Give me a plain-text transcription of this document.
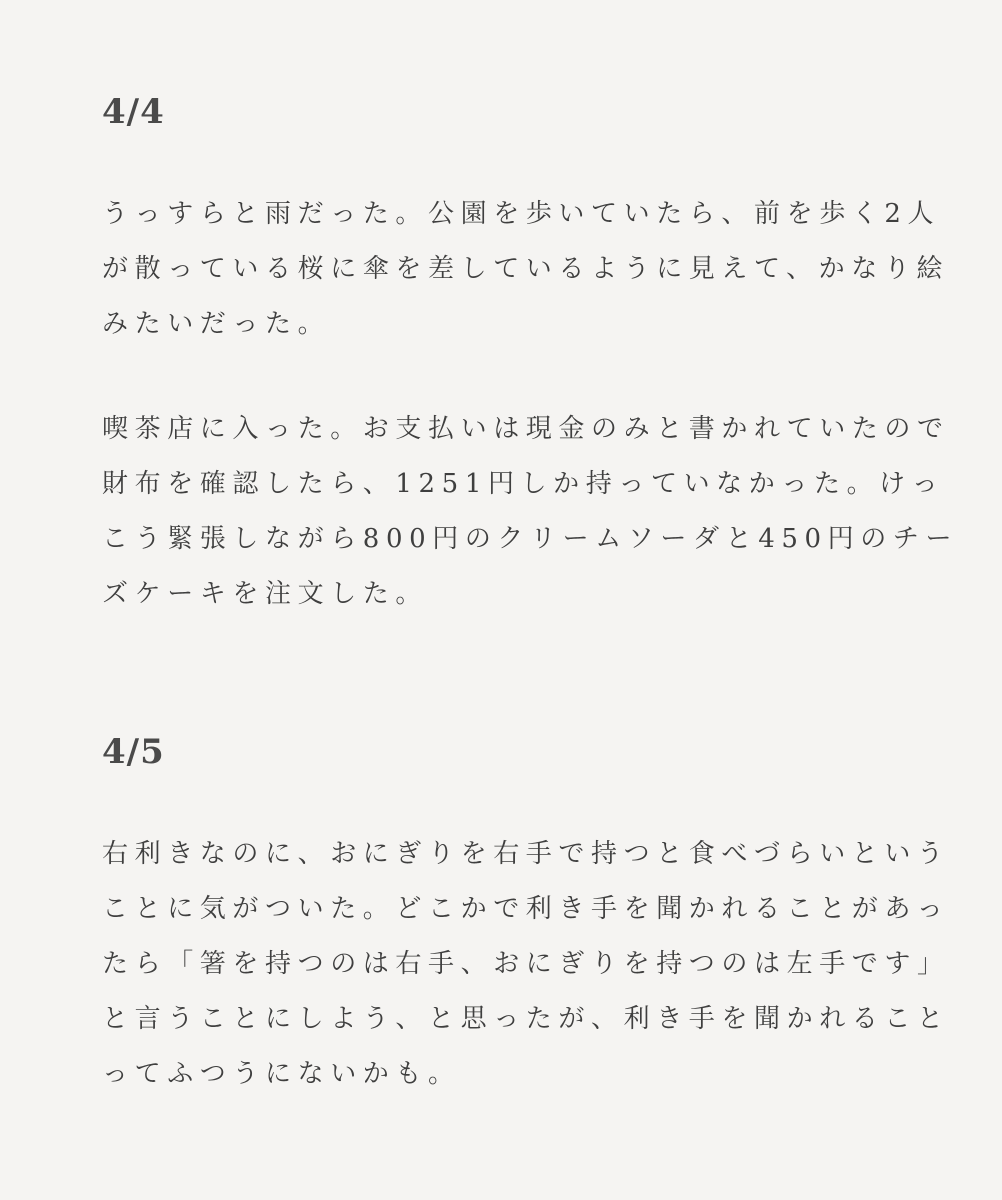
4/4

うっすらと雨だった。公園を歩いていたら、前を歩く2人
が散っている桜に傘を差しているように見えて、かなり絵
みたいだった。

喫茶店に入った。お支払いは現金のみと書かれていたので
財布を確認したら、1251円しか持っていなかった。けっ
こう緊張しながら800円のクリームソーダと450円のチー
ズケーキを注文した。

4/5

右利きなのに、おにぎりを右手で持つと食べづらいという
ことに気がついた。どこかで利き手を聞かれることがあっ
たら「箸を持つのは右手、おにぎりを持つのは左手です」
と言うことにしよう、と思ったが、利き手を聞かれること
ってふつうにないかも。
